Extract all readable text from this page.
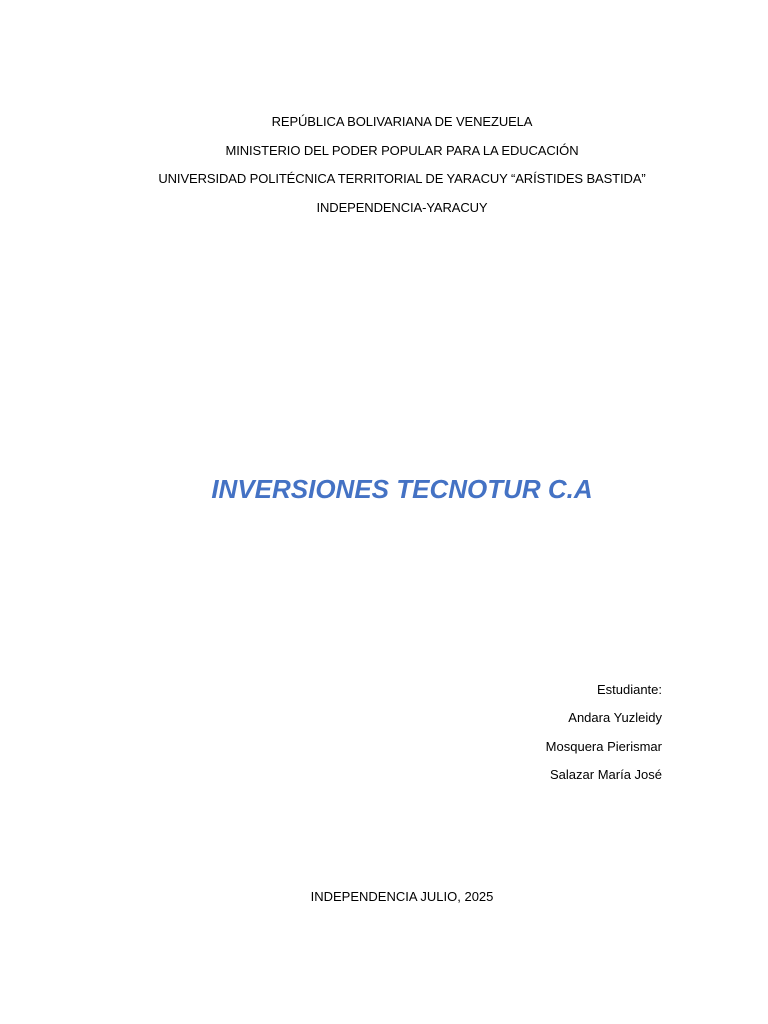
REPÚBLICA BOLIVARIANA DE VENEZUELA
MINISTERIO DEL PODER POPULAR PARA LA EDUCACIÓN
UNIVERSIDAD POLITÉCNICA TERRITORIAL DE YARACUY “ARÍSTIDES BASTIDA”
INDEPENDENCIA-YARACUY
INVERSIONES TECNOTUR C.A
Estudiante:
Andara Yuzleidy
Mosquera Pierismar
Salazar María José
INDEPENDENCIA JULIO, 2025
